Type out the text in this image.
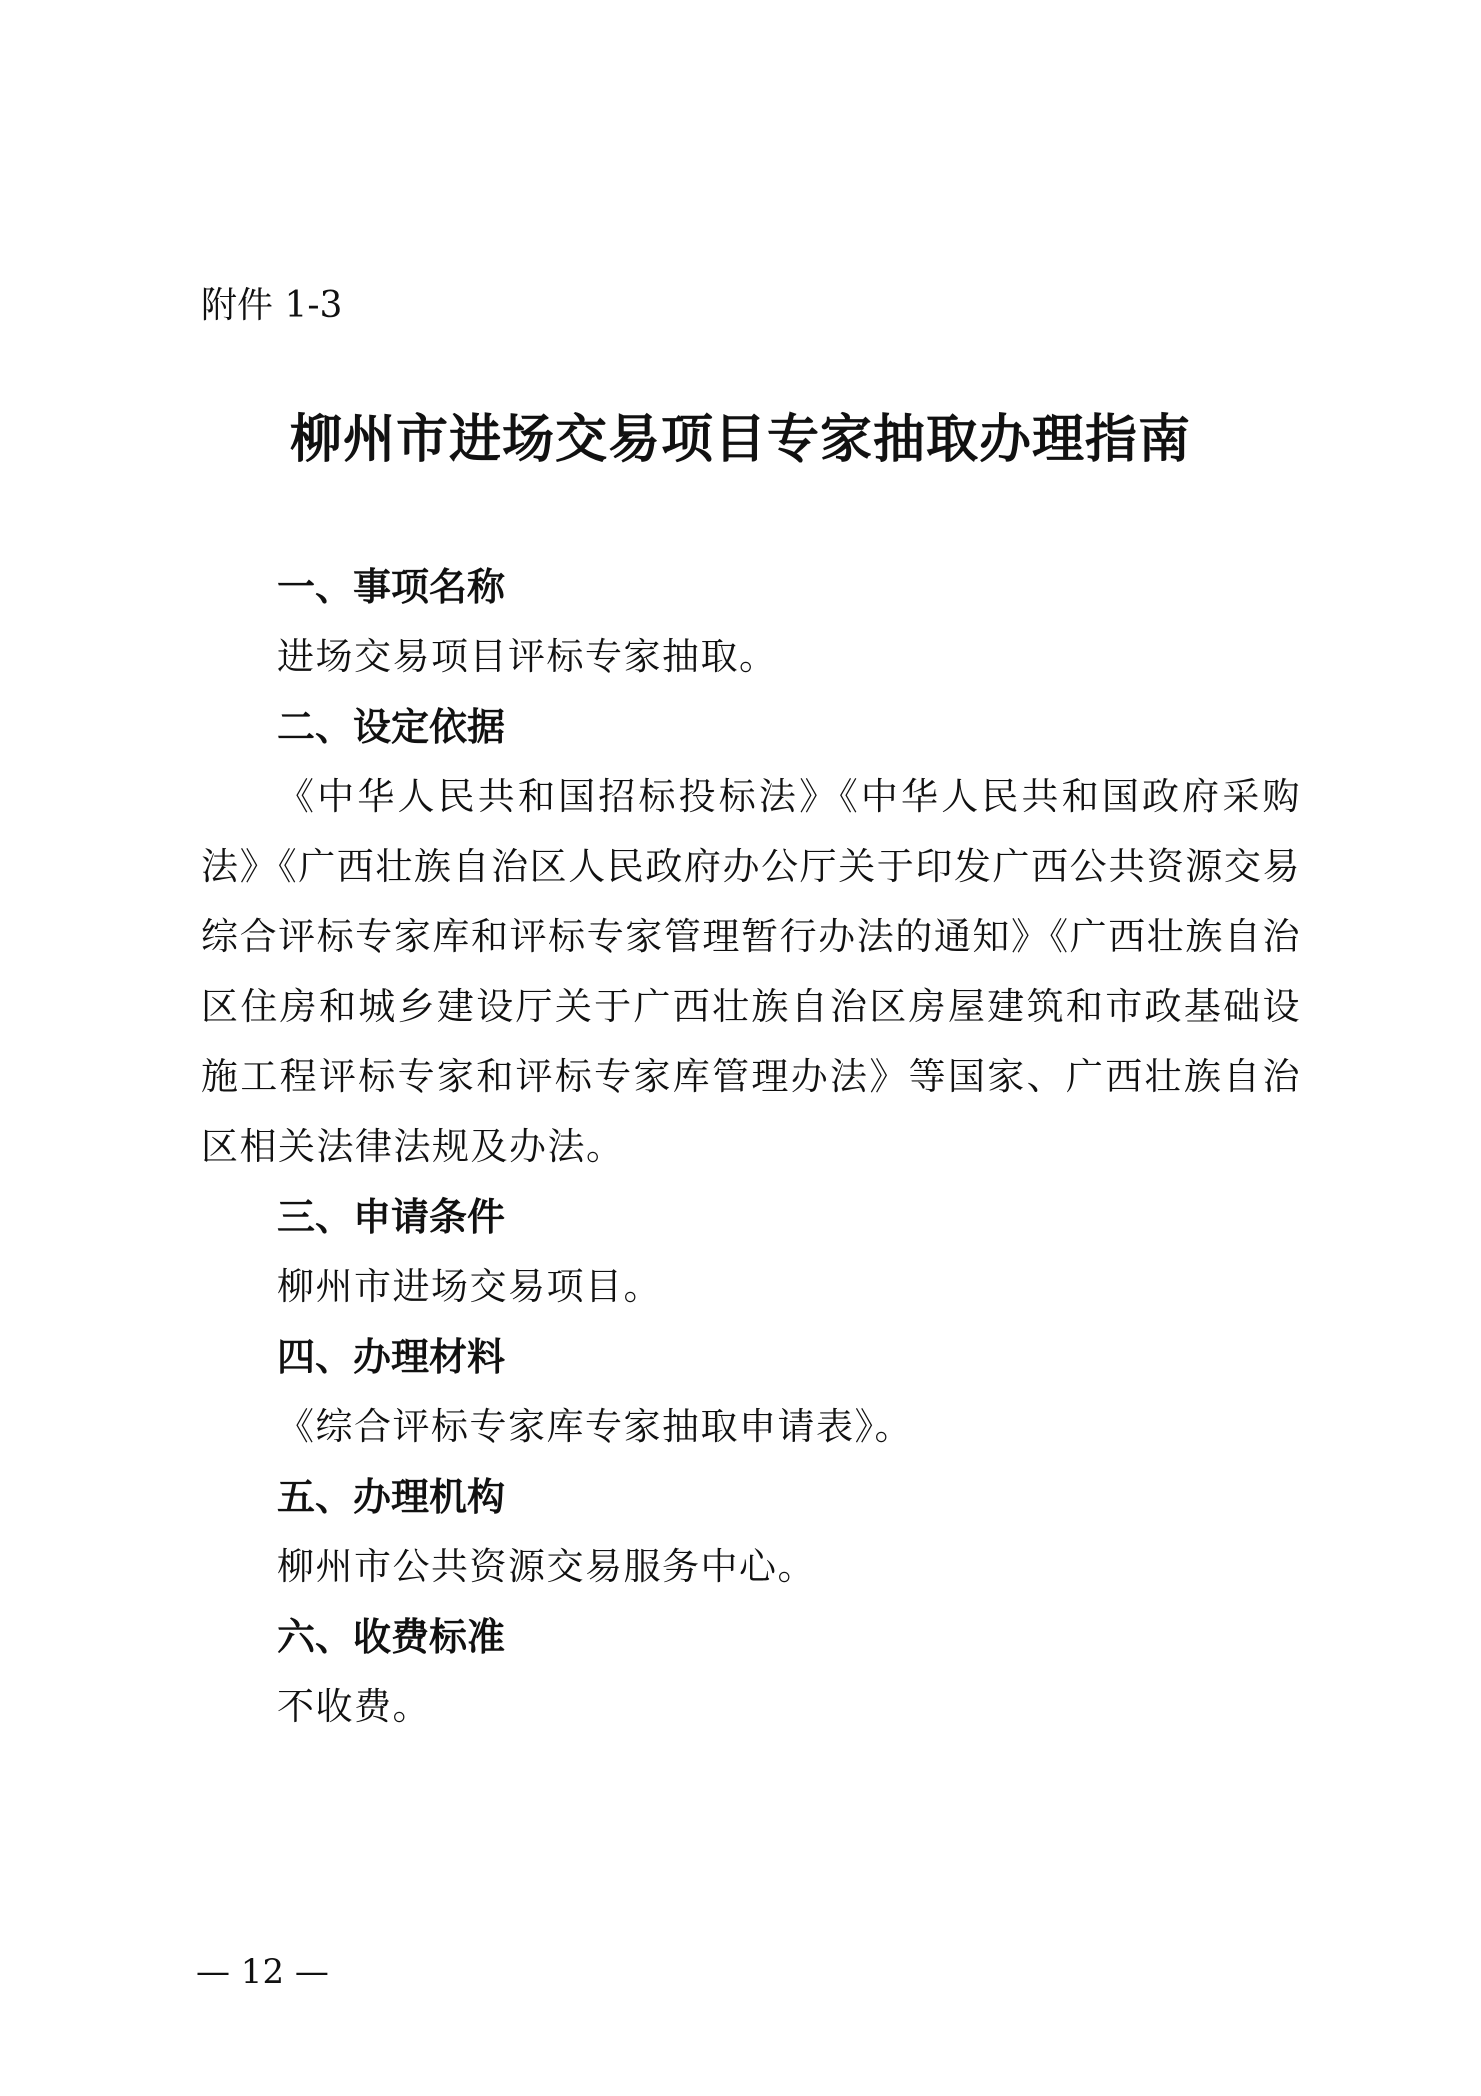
附件 1-3

柳州市进场交易项目专家抽取办理指南
一、事项名称

进场交易项目评标专家抽取。

二、设定依据

《中华人民共和国招标投标法》《中华人民共和国政府采购法》《广西壮族自治区人民政府办公厅关于印发广西公共资源交易综合评标专家库和评标专家管理暂行办法的通知》《广西壮族自治区住房和城乡建设厅关于广西壮族自治区房屋建筑和市政基础设施工程评标专家和评标专家库管理办法》等国家、广西壮族自治区相关法律法规及办法。

三、申请条件

柳州市进场交易项目。

四、办理材料

《综合评标专家库专家抽取申请表》。

五、办理机构

柳州市公共资源交易服务中心。

六、收费标准

不收费。

— 12 —
